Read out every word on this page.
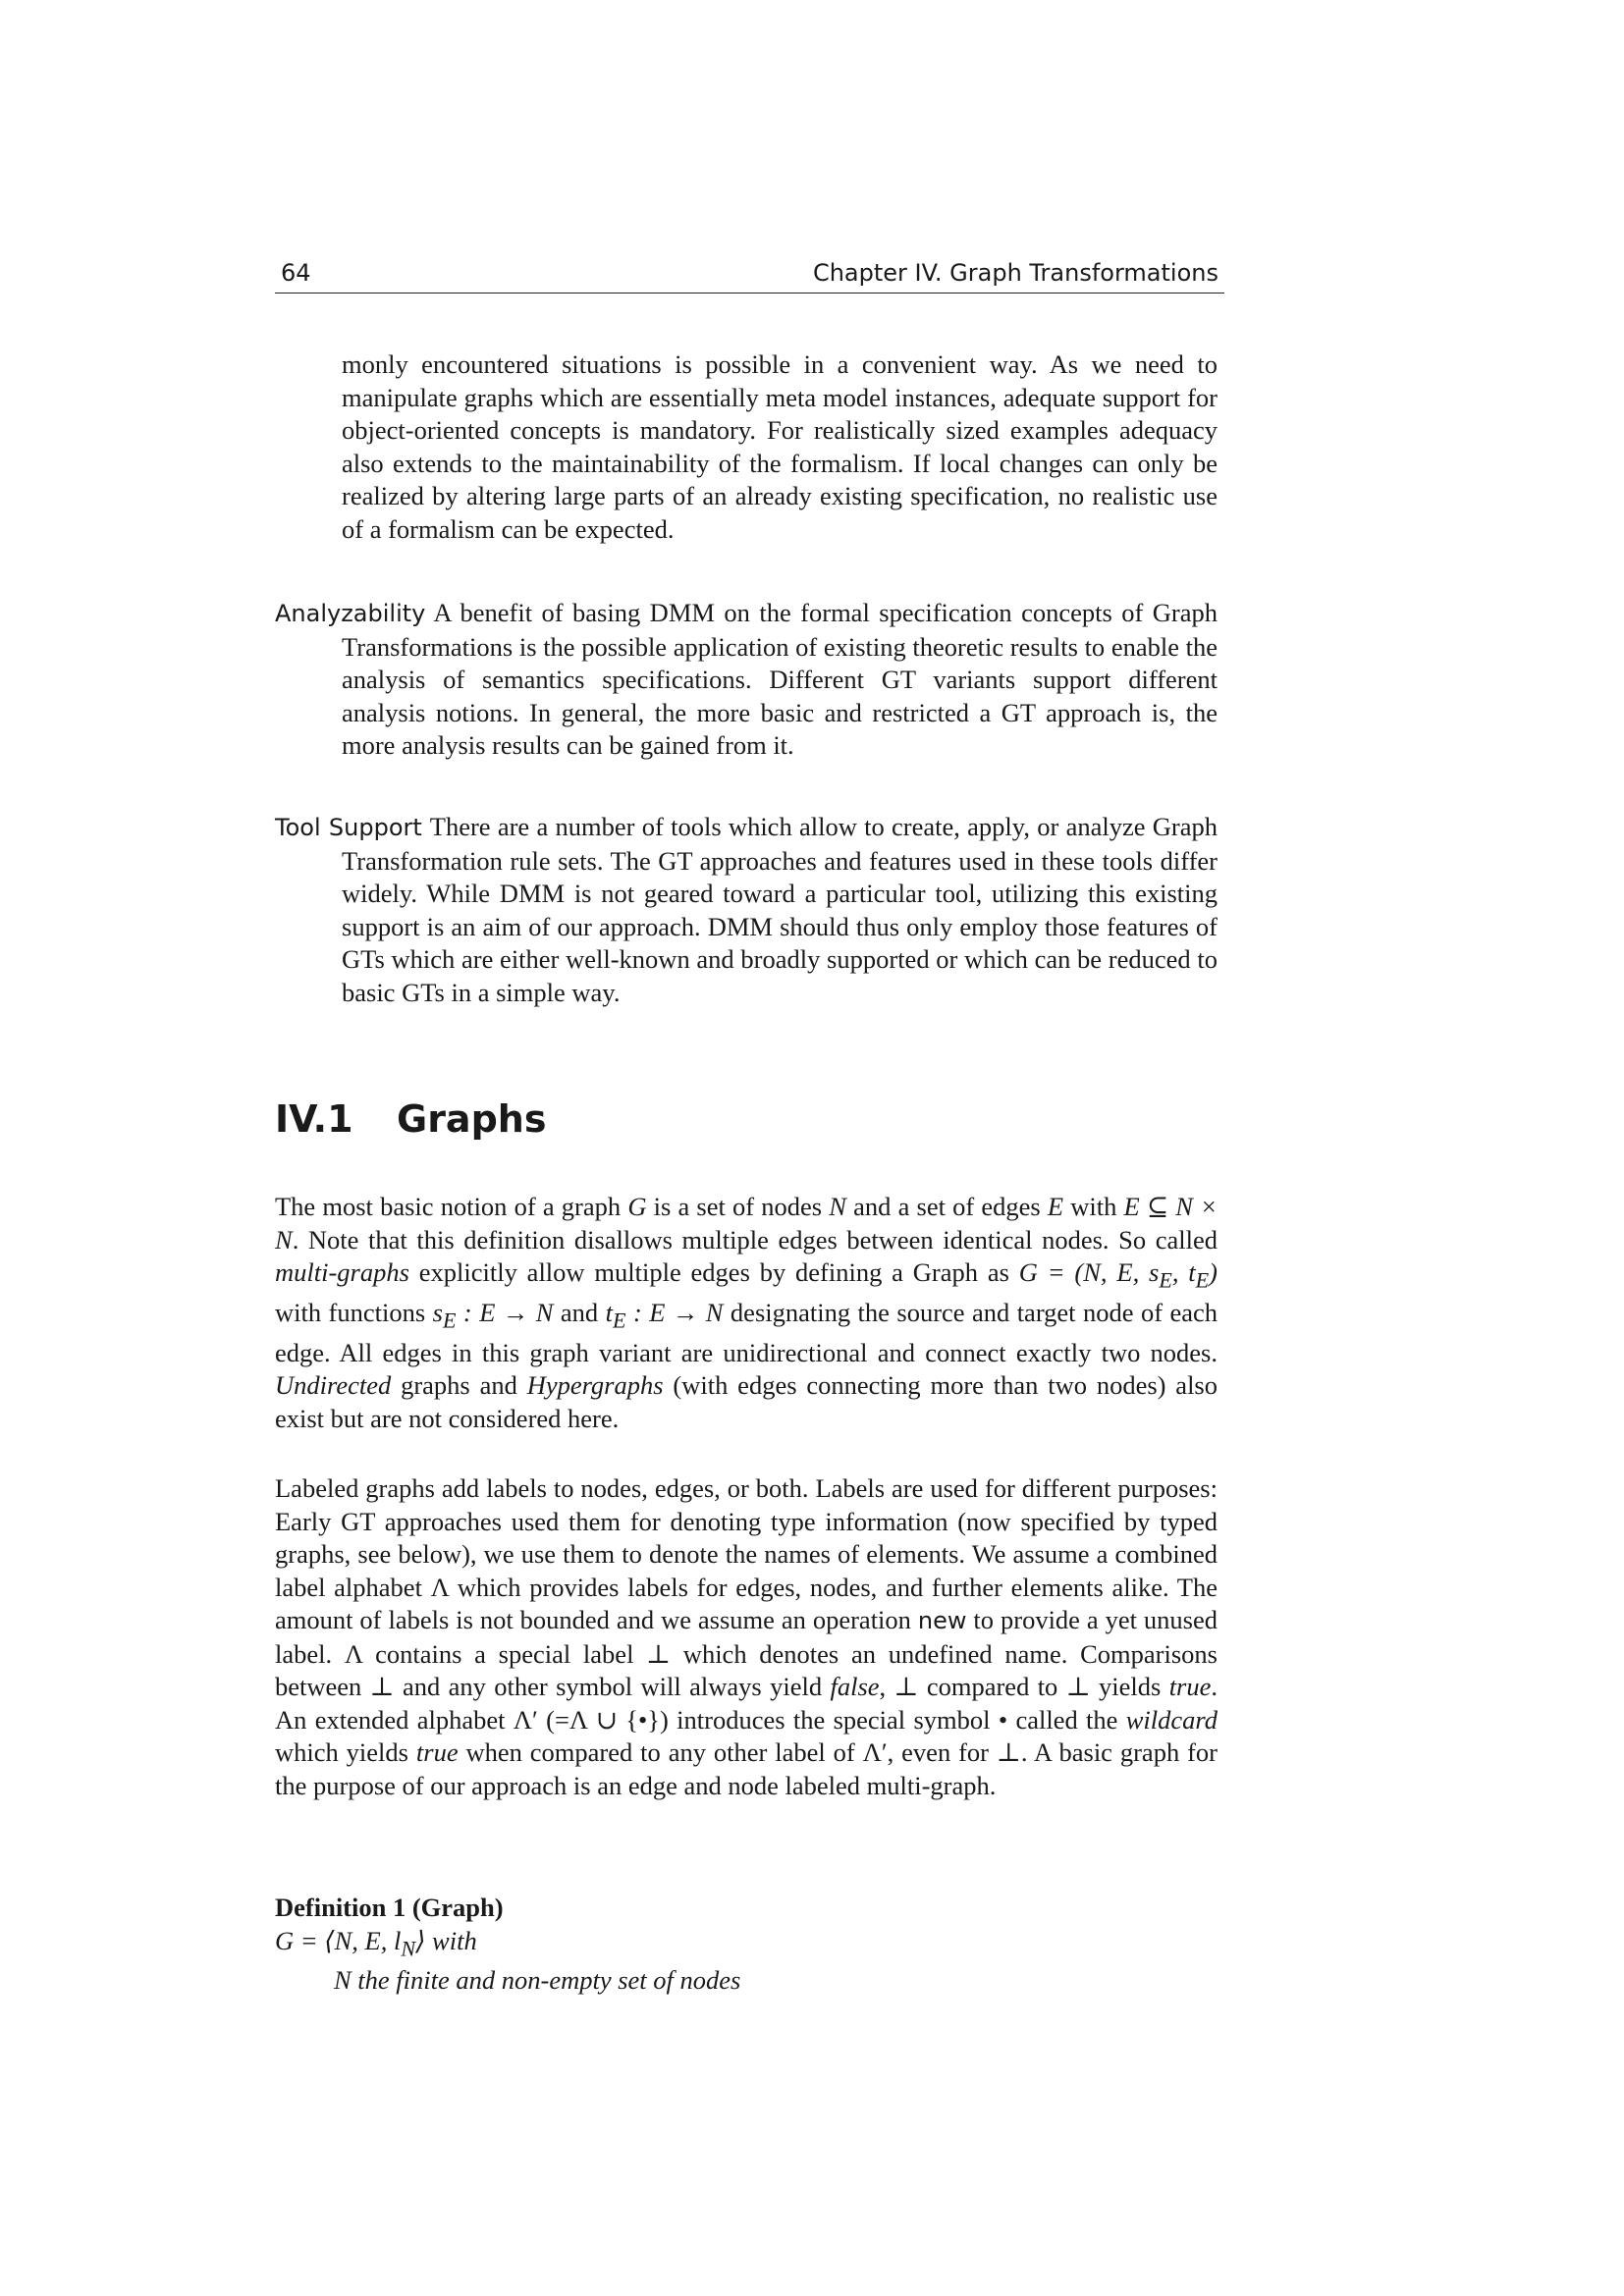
64	Chapter IV. Graph Transformations

monly encountered situations is possible in a convenient way. As we need to manipulate graphs which are essentially meta model instances, adequate support for object-oriented concepts is mandatory. For realistically sized examples adequacy also extends to the maintainability of the formalism. If local changes can only be realized by altering large parts of an already existing specification, no realistic use of a formalism can be expected.

Analyzability A benefit of basing DMM on the formal specification concepts of Graph Transformations is the possible application of existing theoretic results to enable the analysis of semantics specifications. Different GT variants support different analysis notions. In general, the more basic and restricted a GT approach is, the more analysis results can be gained from it.

Tool Support There are a number of tools which allow to create, apply, or analyze Graph Transformation rule sets. The GT approaches and features used in these tools differ widely. While DMM is not geared toward a particular tool, utilizing this existing support is an aim of our approach. DMM should thus only employ those features of GTs which are either well-known and broadly supported or which can be reduced to basic GTs in a simple way.

IV.1 Graphs

The most basic notion of a graph G is a set of nodes N and a set of edges E with E ⊆ N × N. Note that this definition disallows multiple edges between identical nodes. So called multi-graphs explicitly allow multiple edges by defining a Graph as G = (N, E, $s_E$, $t_E$) with functions $s_E$ : E → N and $t_E$ : E → N designating the source and target node of each edge. All edges in this graph variant are unidirectional and connect exactly two nodes. Undirected graphs and Hypergraphs (with edges connecting more than two nodes) also exist but are not considered here.

Labeled graphs add labels to nodes, edges, or both. Labels are used for different purposes: Early GT approaches used them for denoting type information (now specified by typed graphs, see below), we use them to denote the names of elements. We assume a combined label alphabet Λ which provides labels for edges, nodes, and further elements alike. The amount of labels is not bounded and we assume an operation new to provide a yet unused label. Λ contains a special label ⊥ which denotes an undefined name. Comparisons between ⊥ and any other symbol will always yield false, ⊥ compared to ⊥ yields true. An extended alphabet Λ′ (=Λ ∪ {•}) introduces the special symbol • called the wildcard which yields true when compared to any other label of Λ′, even for ⊥. A basic graph for the purpose of our approach is an edge and node labeled multi-graph.

Definition 1 (Graph)

G = ⟨N, E, $l_N⟩$ with

N the finite and non-empty set of nodes
